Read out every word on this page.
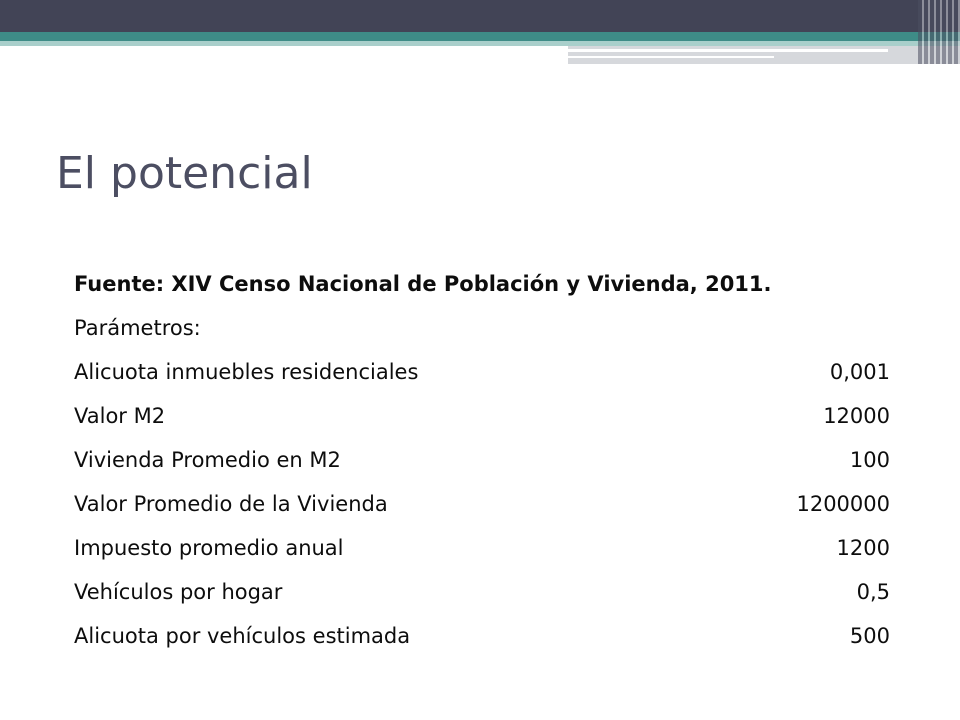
El potencial
Fuente: XIV Censo Nacional de Población y Vivienda, 2011.
Parámetros:
Alicuota inmuebles residenciales	0,001
Valor M2	12000
Vivienda Promedio en M2	100
Valor Promedio de la Vivienda	1200000
Impuesto promedio anual	1200
Vehículos por hogar	0,5
Alicuota por vehículos estimada	500
